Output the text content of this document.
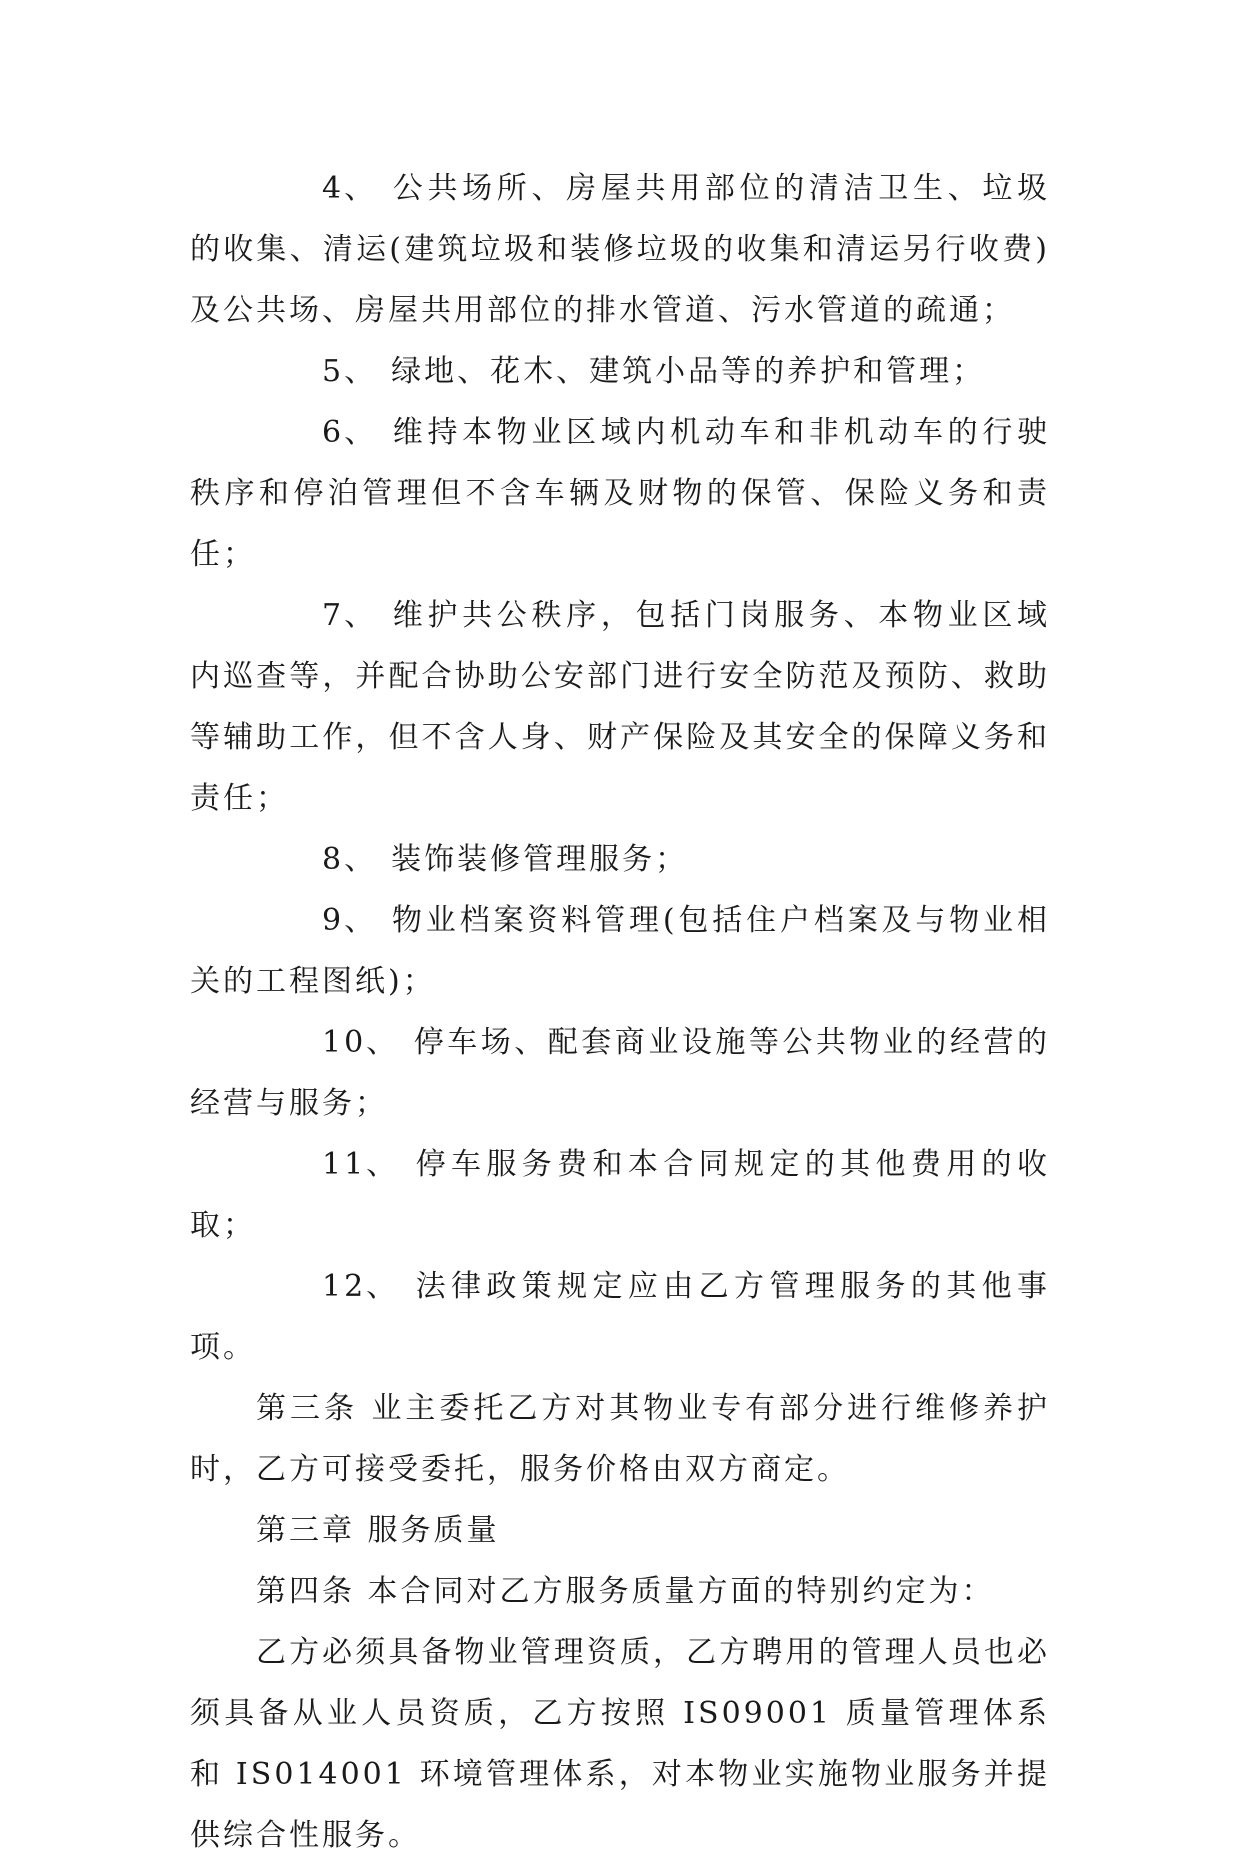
4、 公共场所、房屋共用部位的清洁卫生、垃圾的收集、清运(建筑垃圾和装修垃圾的收集和清运另行收费)及公共场、房屋共用部位的排水管道、污水管道的疏通；

5、 绿地、花木、建筑小品等的养护和管理；

6、 维持本物业区域内机动车和非机动车的行驶秩序和停泊管理但不含车辆及财物的保管、保险义务和责任；

7、 维护共公秩序，包括门岗服务、本物业区域内巡查等，并配合协助公安部门进行安全防范及预防、救助等辅助工作，但不含人身、财产保险及其安全的保障义务和责任；

8、 装饰装修管理服务；

9、 物业档案资料管理(包括住户档案及与物业相关的工程图纸)；

10、 停车场、配套商业设施等公共物业的经营的经营与服务；

11、 停车服务费和本合同规定的其他费用的收取；

12、 法律政策规定应由乙方管理服务的其他事项。

第三条 业主委托乙方对其物业专有部分进行维修养护时，乙方可接受委托，服务价格由双方商定。

第三章 服务质量

第四条 本合同对乙方服务质量方面的特别约定为：

乙方必须具备物业管理资质，乙方聘用的管理人员也必须具备从业人员资质，乙方按照 IS09001 质量管理体系和 IS014001 环境管理体系，对本物业实施物业服务并提供综合性服务。
